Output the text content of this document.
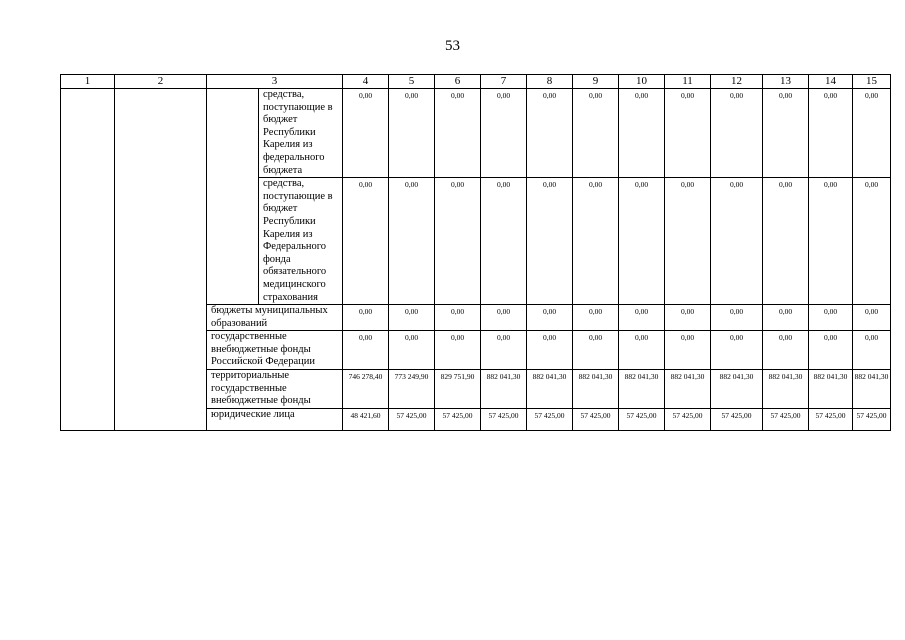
53
1	2	3		4	5	6	7	8	9	10	11	12	13	14	15
			средства, поступающие в бюджет Республики Карелия из федерального бюджета	0,00	0,00	0,00	0,00	0,00	0,00	0,00	0,00	0,00	0,00	0,00	0,00
			средства, поступающие в бюджет Республики Карелия из Федерального фонда обязательного медицинского страхования	0,00	0,00	0,00	0,00	0,00	0,00	0,00	0,00	0,00	0,00	0,00	0,00
		бюджеты муниципальных образований		0,00	0,00	0,00	0,00	0,00	0,00	0,00	0,00	0,00	0,00	0,00	0,00
		государственные внебюджетные фонды Российской Федерации		0,00	0,00	0,00	0,00	0,00	0,00	0,00	0,00	0,00	0,00	0,00	0,00
		территориальные государственные внебюджетные фонды		746 278,40	773 249,90	829 751,90	882 041,30	882 041,30	882 041,30	882 041,30	882 041,30	882 041,30	882 041,30	882 041,30	882 041,30
		юридические лица		48 421,60	57 425,00	57 425,00	57 425,00	57 425,00	57 425,00	57 425,00	57 425,00	57 425,00	57 425,00	57 425,00	57 425,00
